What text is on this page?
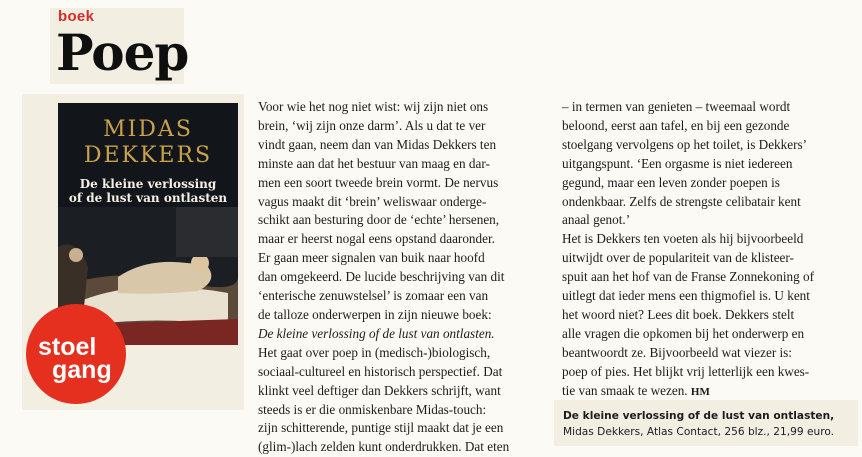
boek
Poep
MIDAS
DEKKERS
De kleine verlossing
of de lust van ontlasten
stoel
gang
Voor wie het nog niet wist: wij zijn niet ons
brein, ‘wij zijn onze darm’. Als u dat te ver
vindt gaan, neem dan van Midas Dekkers ten
minste aan dat het bestuur van maag en dar-
men een soort tweede brein vormt. De nervus
vagus maakt dit ‘brein’ weliswaar onderge-
schikt aan besturing door de ‘echte’ hersenen,
maar er heerst nogal eens opstand daaronder.
Er gaan meer signalen van buik naar hoofd
dan omgekeerd. De lucide beschrijving van dit
‘enterische zenuwstelsel’ is zomaar een van
de talloze onderwerpen in zijn nieuwe boek:
De kleine verlossing of de lust van ontlasten.
Het gaat over poep in (medisch-)biologisch,
sociaal-cultureel en historisch perspectief. Dat
klinkt veel deftiger dan Dekkers schrijft, want
steeds is er die onmiskenbare Midas-touch:
zijn schitterende, puntige stijl maakt dat je een
(glim-)lach zelden kunt onderdrukken. Dat eten
– in termen van genieten – tweemaal wordt
beloond, eerst aan tafel, en bij een gezonde
stoelgang vervolgens op het toilet, is Dekkers’
uitgangspunt. ‘Een orgasme is niet iedereen
gegund, maar een leven zonder poepen is
ondenkbaar. Zelfs de strengste celibatair kent
anaal genot.’
Het is Dekkers ten voeten als hij bijvoorbeeld
uitwijdt over de populariteit van de klisteer-
spuit aan het hof van de Franse Zonnekoning of
uitlegt dat ieder mens een thigmofiel is. U kent
het woord niet? Lees dit boek. Dekkers stelt
alle vragen die opkomen bij het onderwerp en
beantwoordt ze. Bijvoorbeeld wat viezer is:
poep of pies. Het blijkt vrij letterlijk een kwes-
tie van smaak te wezen. HM
De kleine verlossing of de lust van ontlasten,
Midas Dekkers, Atlas Contact, 256 blz., 21,99 euro.
